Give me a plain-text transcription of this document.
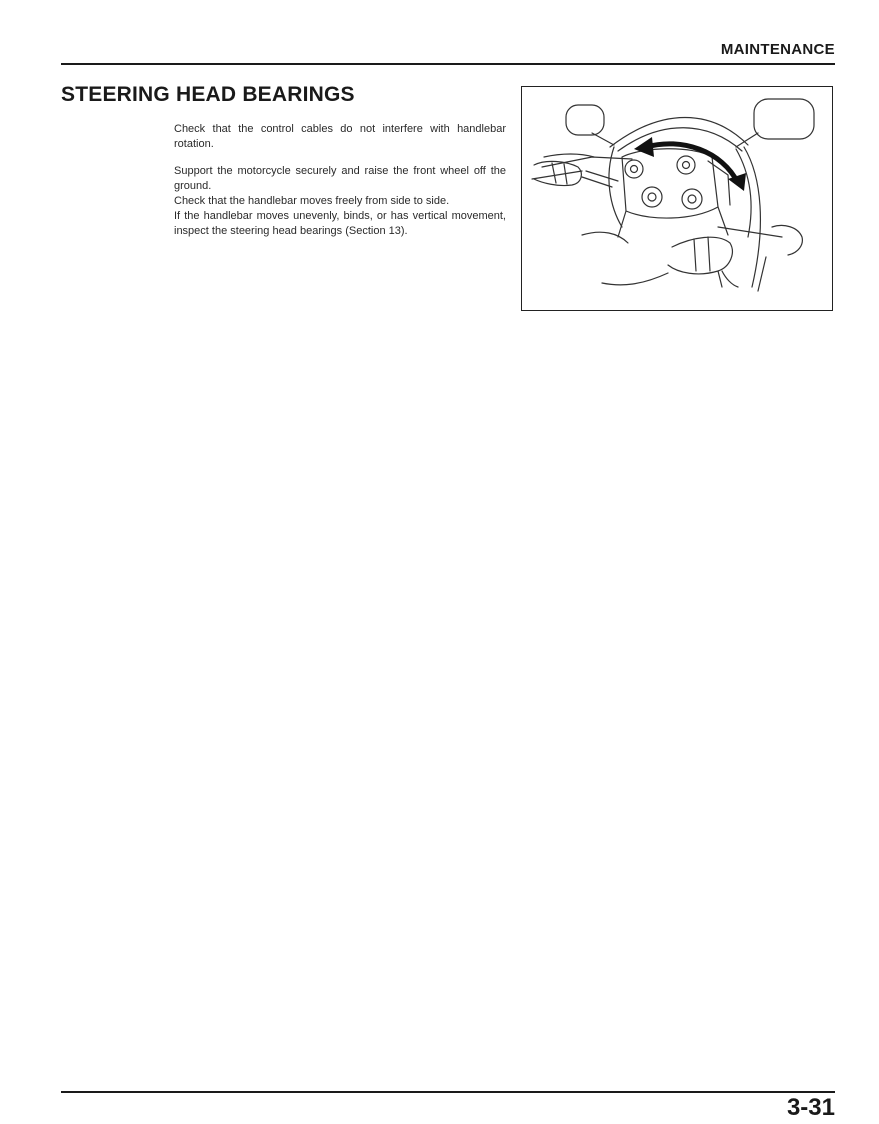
MAINTENANCE
STEERING HEAD BEARINGS

Check that the control cables do not interfere with handlebar rotation.

Support the motorcycle securely and raise the front wheel off the ground.

Check that the handlebar moves freely from side to side.

If the handlebar moves unevenly, binds, or has vertical movement, inspect the steering head bearings (Section 13).

3-31
